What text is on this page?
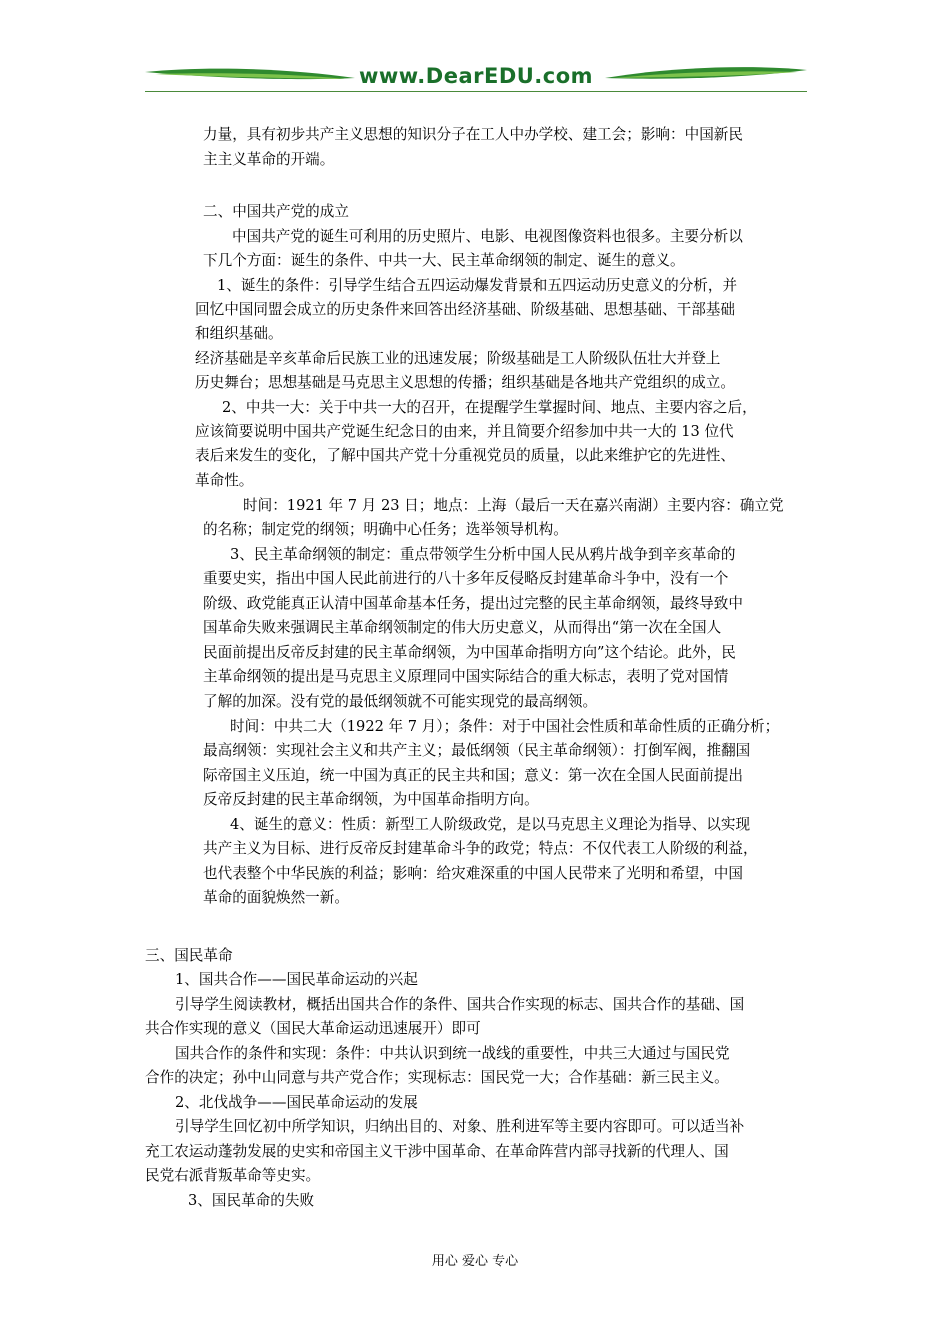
www.DearEDU.com

力量，具有初步共产主义思想的知识分子在工人中办学校、建工会；影响：中国新民

主主义革命的开端。

二、中国共产党的成立

中国共产党的诞生可利用的历史照片、电影、电视图像资料也很多。主要分析以

下几个方面：诞生的条件、中共一大、民主革命纲领的制定、诞生的意义。

1、诞生的条件：引导学生结合五四运动爆发背景和五四运动历史意义的分析，并

回忆中国同盟会成立的历史条件来回答出经济基础、阶级基础、思想基础、干部基础

和组织基础。

经济基础是辛亥革命后民族工业的迅速发展；阶级基础是工人阶级队伍壮大并登上

历史舞台；思想基础是马克思主义思想的传播；组织基础是各地共产党组织的成立。

2、中共一大：关于中共一大的召开，在提醒学生掌握时间、地点、主要内容之后，

应该简要说明中国共产党诞生纪念日的由来，并且简要介绍参加中共一大的 13 位代

表后来发生的变化，了解中国共产党十分重视党员的质量，以此来维护它的先进性、

革命性。

时间：1921 年 7 月 23 日；地点：上海（最后一天在嘉兴南湖）主要内容：确立党

的名称；制定党的纲领；明确中心任务；选举领导机构。

3、民主革命纲领的制定：重点带领学生分析中国人民从鸦片战争到辛亥革命的

重要史实，指出中国人民此前进行的八十多年反侵略反封建革命斗争中，没有一个

阶级、政党能真正认清中国革命基本任务，提出过完整的民主革命纲领，最终导致中

国革命失败来强调民主革命纲领制定的伟大历史意义，从而得出“第一次在全国人

民面前提出反帝反封建的民主革命纲领，为中国革命指明方向”这个结论。此外，民

主革命纲领的提出是马克思主义原理同中国实际结合的重大标志，表明了党对国情

了解的加深。没有党的最低纲领就不可能实现党的最高纲领。

时间：中共二大（1922 年 7 月）；条件：对于中国社会性质和革命性质的正确分析；

最高纲领：实现社会主义和共产主义；最低纲领（民主革命纲领）：打倒军阀，推翻国

际帝国主义压迫，统一中国为真正的民主共和国；意义：第一次在全国人民面前提出

反帝反封建的民主革命纲领，为中国革命指明方向。

4、诞生的意义：性质：新型工人阶级政党，是以马克思主义理论为指导、以实现

共产主义为目标、进行反帝反封建革命斗争的政党；特点：不仅代表工人阶级的利益，

也代表整个中华民族的利益；影响：给灾难深重的中国人民带来了光明和希望，中国

革命的面貌焕然一新。

三、国民革命

1、国共合作——国民革命运动的兴起

引导学生阅读教材，概括出国共合作的条件、国共合作实现的标志、国共合作的基础、国

共合作实现的意义（国民大革命运动迅速展开）即可

国共合作的条件和实现：条件：中共认识到统一战线的重要性，中共三大通过与国民党

合作的决定；孙中山同意与共产党合作；实现标志：国民党一大；合作基础：新三民主义。

2、北伐战争——国民革命运动的发展

引导学生回忆初中所学知识，归纳出目的、对象、胜利进军等主要内容即可。可以适当补

充工农运动蓬勃发展的史实和帝国主义干涉中国革命、在革命阵营内部寻找新的代理人、国

民党右派背叛革命等史实。

3、国民革命的失败

用心 爱心 专心
